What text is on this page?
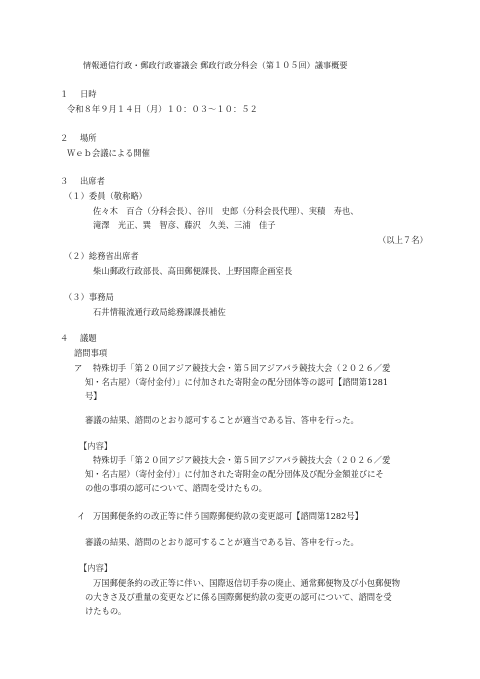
情報通信行政・郵政行政審議会 郵政行政分科会（第１０５回）議事概要
１ 日時
令和８年９月１４日（月）１０：０３〜１０：５２
２ 場所
Ｗｅｂ会議による開催
３ 出席者
（１）委員（敬称略）
佐々木　百合（分科会長）、谷川　史郎（分科会長代理）、実積　寿也、
滝澤　光正、巽　智彦、藤沢　久美、三浦　佳子
（以上７名）
（２）総務省出席者
柴山郵政行政部長、高田郵便課長、上野国際企画室長
（３）事務局
石井情報流通行政局総務課課長補佐
４ 議題
諮問事項
ア 特殊切手「第２０回アジア競技大会・第５回アジアパラ競技大会（２０２６／愛
知・名古屋）（寄付金付）」に付加された寄附金の配分団体等の認可【諮問第1281
号】
審議の結果、諮問のとおり認可することが適当である旨、答申を行った。
【内容】
特殊切手「第２０回アジア競技大会・第５回アジアパラ競技大会（２０２６／愛
知・名古屋）（寄付金付）」に付加された寄附金の配分団体及び配分金額並びにそ
の他の事項の認可について、諮問を受けたもの。
イ 万国郵便条約の改正等に伴う国際郵便約款の変更認可【諮問第1282号】
審議の結果、諮問のとおり認可することが適当である旨、答申を行った。
【内容】
万国郵便条約の改正等に伴い、国際返信切手券の廃止、通常郵便物及び小包郵便物
の大きさ及び重量の変更などに係る国際郵便約款の変更の認可について、諮問を受
けたもの。
